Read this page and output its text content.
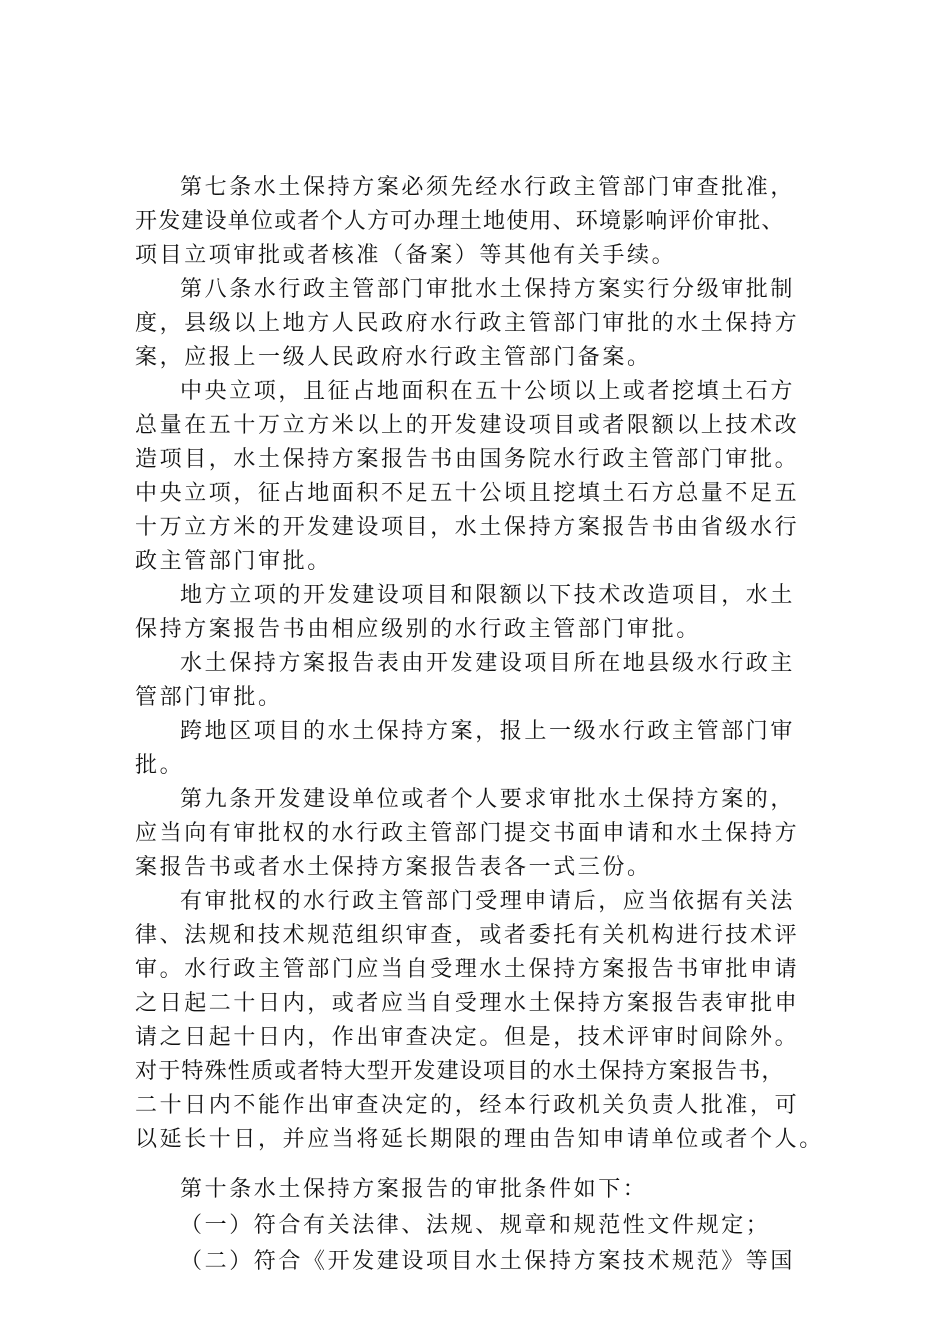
第七条水土保持方案必须先经水行政主管部门审查批准，
开发建设单位或者个人方可办理土地使用、环境影响评价审批、
项目立项审批或者核准（备案）等其他有关手续。
第八条水行政主管部门审批水土保持方案实行分级审批制
度，县级以上地方人民政府水行政主管部门审批的水土保持方
案，应报上一级人民政府水行政主管部门备案。
中央立项，且征占地面积在五十公顷以上或者挖填土石方
总量在五十万立方米以上的开发建设项目或者限额以上技术改
造项目，水土保持方案报告书由国务院水行政主管部门审批。
中央立项，征占地面积不足五十公顷且挖填土石方总量不足五
十万立方米的开发建设项目，水土保持方案报告书由省级水行
政主管部门审批。
地方立项的开发建设项目和限额以下技术改造项目，水土
保持方案报告书由相应级别的水行政主管部门审批。
水土保持方案报告表由开发建设项目所在地县级水行政主
管部门审批。
跨地区项目的水土保持方案，报上一级水行政主管部门审
批。
第九条开发建设单位或者个人要求审批水土保持方案的，
应当向有审批权的水行政主管部门提交书面申请和水土保持方
案报告书或者水土保持方案报告表各一式三份。
有审批权的水行政主管部门受理申请后，应当依据有关法
律、法规和技术规范组织审查，或者委托有关机构进行技术评
审。水行政主管部门应当自受理水土保持方案报告书审批申请
之日起二十日内，或者应当自受理水土保持方案报告表审批申
请之日起十日内，作出审查决定。但是，技术评审时间除外。
对于特殊性质或者特大型开发建设项目的水土保持方案报告书，
二十日内不能作出审查决定的，经本行政机关负责人批准，可
以延长十日，并应当将延长期限的理由告知申请单位或者个人。
第十条水土保持方案报告的审批条件如下：
（一）符合有关法律、法规、规章和规范性文件规定；
（二）符合《开发建设项目水土保持方案技术规范》等国
